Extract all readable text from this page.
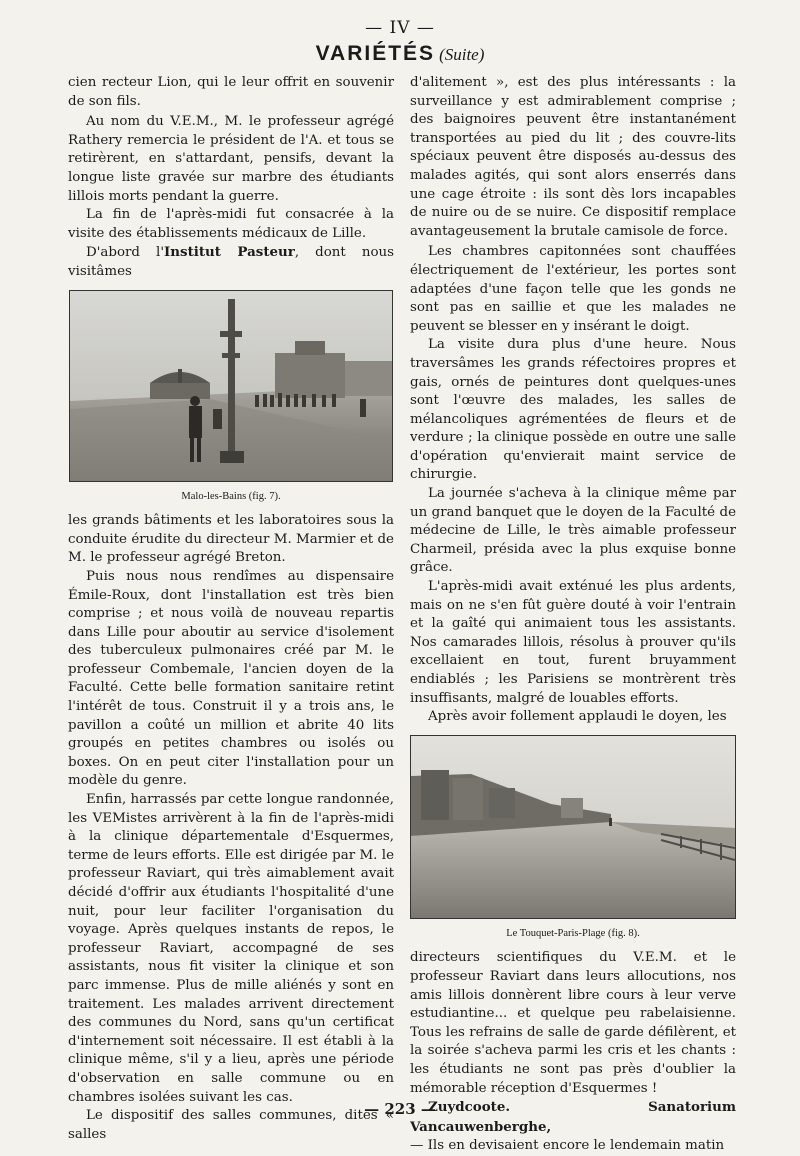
— IV —
VARIÉTÉS (Suite)

cien recteur Lion, qui le leur offrit en souvenir de son fils.

Au nom du V.E.M., M. le professeur agrégé Rathery remercia le président de l'A. et tous se retirèrent, en s'attardant, pensifs, devant la longue liste gravée sur marbre des étudiants lillois morts pendant la guerre.

La fin de l'après-midi fut consacrée à la visite des établissements médicaux de Lille.

D'abord l'Institut Pasteur, dont nous visitâmes

Malo-les-Bains (fig. 7).

les grands bâtiments et les laboratoires sous la conduite érudite du directeur M. Marmier et de M. le professeur agrégé Breton.

Puis nous nous rendîmes au dispensaire Émile-Roux, dont l'installation est très bien comprise ; et nous voilà de nouveau repartis dans Lille pour aboutir au service d'isolement des tuberculeux pulmonaires créé par M. le professeur Combemale, l'ancien doyen de la Faculté. Cette belle formation sanitaire retint l'intérêt de tous. Construit il y a trois ans, le pavillon a coûté un million et abrite 40 lits groupés en petites chambres ou isolés ou boxes. On en peut citer l'installation pour un modèle du genre.

Enfin, harrassés par cette longue randonnée, les VEMistes arrivèrent à la fin de l'après-midi à la clinique départementale d'Esquermes, terme de leurs efforts. Elle est dirigée par M. le professeur Raviart, qui très aimablement avait décidé d'offrir aux étudiants l'hospitalité d'une nuit, pour leur faciliter l'organisation du voyage. Après quelques instants de repos, le professeur Raviart, accompagné de ses assistants, nous fit visiter la clinique et son parc immense. Plus de mille aliénés y sont en traitement. Les malades arrivent directement des communes du Nord, sans qu'un certificat d'internement soit nécessaire. Il est établi à la clinique même, s'il y a lieu, après une période d'observation en salle commune ou en chambres isolées suivant les cas.

Le dispositif des salles communes, dites « salles

d'alitement », est des plus intéressants : la surveillance y est admirablement comprise ; des baignoires peuvent être instantanément transportées au pied du lit ; des couvre-lits spéciaux peuvent être disposés au-dessus des malades agités, qui sont alors enserrés dans une cage étroite : ils sont dès lors incapables de nuire ou de se nuire. Ce dispositif remplace avantageusement la brutale camisole de force.

Les chambres capitonnées sont chauffées électriquement de l'extérieur, les portes sont adaptées d'une façon telle que les gonds ne sont pas en saillie et que les malades ne peuvent se blesser en y insérant le doigt.

La visite dura plus d'une heure. Nous traversâmes les grands réfectoires propres et gais, ornés de peintures dont quelques-unes sont l'œuvre des malades, les salles de mélancoliques agrémentées de fleurs et de verdure ; la clinique possède en outre une salle d'opération qu'envierait maint service de chirurgie.

La journée s'acheva à la clinique même par un grand banquet que le doyen de la Faculté de médecine de Lille, le très aimable professeur Charmeil, présida avec la plus exquise bonne grâce.

L'après-midi avait exténué les plus ardents, mais on ne s'en fût guère douté à voir l'entrain et la gaîté qui animaient tous les assistants. Nos camarades lillois, résolus à prouver qu'ils excellaient en tout, furent bruyamment endiablés ; les Parisiens se montrèrent très insuffisants, malgré de louables efforts.

Après avoir follement applaudi le doyen, les

Le Touquet-Paris-Plage (fig. 8).

directeurs scientifiques du V.E.M. et le professeur Raviart dans leurs allocutions, nos amis lillois donnèrent libre cours à leur verve estudiantine... et quelque peu rabelaisienne. Tous les refrains de salle de garde défilèrent, et la soirée s'acheva parmi les cris et les chants : les étudiants ne sont pas près d'oublier la mémorable réception d'Esquermes !

Zuydcoote. Sanatorium Vancauwenberghe,

— Ils en devisaient encore le lendemain matin

— 223 —
